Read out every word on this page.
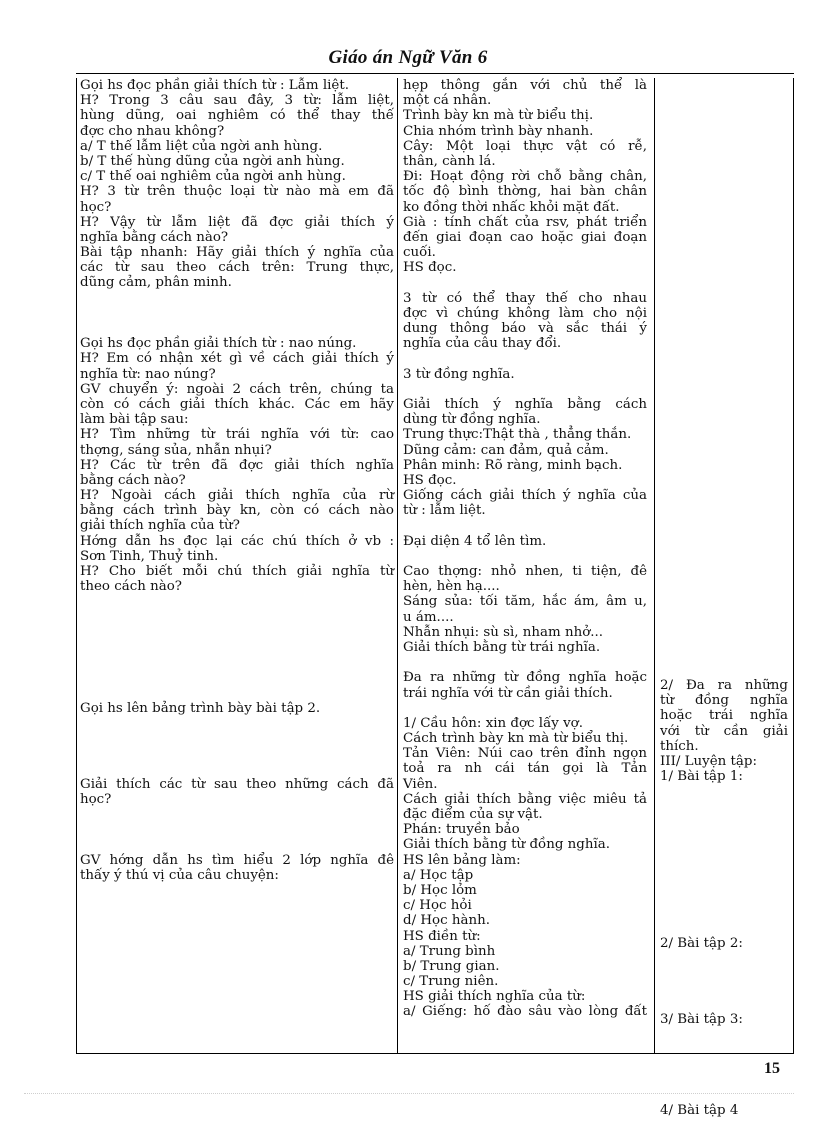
Giáo án Ngữ Văn 6
Gọi hs đọc phần giải thích từ : Lẫm liệt.
H? Trong 3 câu sau đây, 3 từ: lẫm liệt,
hùng dũng, oai nghiêm có thể thay thế
đợc cho nhau không?
a/ T thế lẫm liệt của ngời anh hùng.
b/ T thế hùng dũng của ngời anh hùng.
c/ T thế oai nghiêm của ngời anh hùng.
H? 3 từ trên thuộc loại từ nào mà em đã
học?
H? Vậy từ lẫm liệt đã đợc giải thích ý
nghĩa bằng cách nào?
Bài tập nhanh: Hãy giải thích ý nghĩa của
các từ sau theo cách trên: Trung thực,
dũng cảm, phân minh.
Gọi hs đọc phần giải thích từ : nao núng.
H? Em có nhận xét gì về cách giải thích ý
nghĩa từ: nao núng?
GV chuyển ý: ngoài 2 cách trên, chúng ta
còn có cách giải thích khác. Các em hãy
làm bài tập sau:
H? Tìm những từ trái nghĩa với từ: cao
thợng, sáng sủa, nhẫn nhụi?
H? Các từ trên đã đợc giải thích nghĩa
bằng cách nào?
H? Ngoài cách giải thích nghĩa của rừ
bằng cách trình bày kn, còn có cách nào
giải thích nghĩa của từ?
Hớng dẫn hs đọc lại các chú thích ở vb :
Sơn Tinh, Thuỷ tinh.
H? Cho biết mỗi chú thích giải nghĩa từ
theo cách nào?
Gọi hs lên bảng trình bày bài tập 2.
Giải thích các từ sau theo những cách đã
học?
GV hớng dẫn hs tìm hiểu 2 lớp nghĩa đê
thấy ý thú vị của câu chuyện:
hẹp thông gắn với chủ thể là
một cá nhân.
Trình bày kn mà từ biểu thị.
Chia nhóm trình bày nhanh.
Cây: Một loại thực vật có rễ,
thân, cành lá.
Đi: Hoạt động rời chỗ bằng chân,
tốc độ bình thờng, hai bàn chân
ko đồng thời nhấc khỏi mặt đất.
Già : tính chất của rsv, phát triển
đến giai đoạn cao hoặc giai đoạn
cuối.
HS đọc.
3 từ có thể thay thế cho nhau
đợc vì chúng không làm cho nội
dung thông báo và sắc thái ý
nghĩa của câu thay đổi.
3 từ đồng nghĩa.
Giải thích ý nghĩa bằng cách
dùng từ đồng nghĩa.
Trung thực:Thật thà , thẳng thắn.
Dũng cảm: can đảm, quả cảm.
Phân minh: Rõ ràng, minh bạch.
HS đọc.
Giống cách giải thích ý nghĩa của
từ : lẫm liệt.
Đại diện 4 tổ lên tìm.
Cao thợng: nhỏ nhen, ti tiện, đê
hèn, hèn hạ....
Sáng sủa: tối tăm, hắc ám, âm u,
u ám....
Nhẫn nhụi: sù sì, nham nhở...
Giải thích bằng từ trái nghĩa.
Đa ra những từ đồng nghĩa hoặc
trái nghĩa với từ cần giải thích.
1/ Cầu hôn: xin đợc lấy vợ.
Cách trình bày kn mà từ biểu thị.
Tản Viên: Núi cao trên đỉnh ngọn
toả ra nh cái tán gọi là Tản
Viên.
Cách giải thích bằng việc miêu tả
đặc điểm của sự vật.
Phán: truyền bảo
Giải thích bằng từ đồng nghĩa.
HS lên bảng làm:
a/ Học tập
b/ Học lỏm
c/ Học hỏi
d/ Học hành.
HS điền từ:
a/ Trung bình
b/ Trung gian.
c/ Trung niên.
HS giải thích nghĩa của từ:
a/ Giếng: hố đào sâu vào lòng đất
2/ Đa ra những
từ đồng nghĩa
hoặc trái nghĩa
với từ cần giải
thích.
III/ Luyện tập:
1/ Bài tập 1:
2/ Bài tập 2:
3/ Bài tập 3:
4/ Bài tập 4
15
